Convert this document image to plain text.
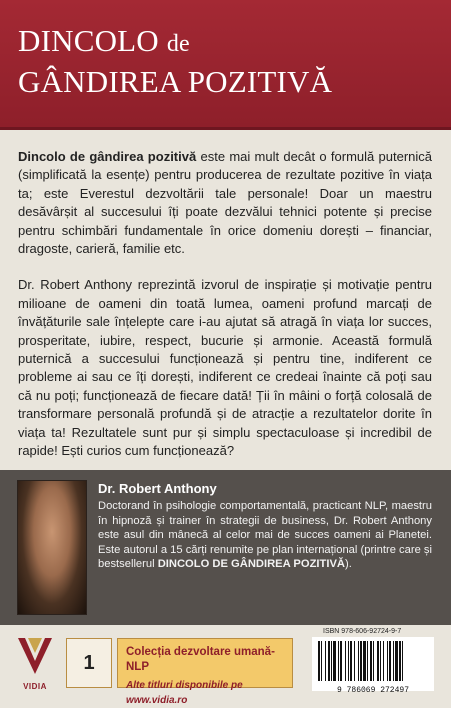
DINCOLO de
GÂNDIREA POZITIVĂ

Dincolo de gândirea pozitivă este mai mult decât o formulă puternică (simplificată la esențe) pentru producerea de rezultate pozitive în viața ta; este Everestul dezvoltării tale personale! Doar un maestru desăvârșit al succesului îți poate dezvălui tehnici potente și precise pentru schimbări fundamentale în orice domeniu dorești – financiar, dragoste, carieră, familie etc.

Dr. Robert Anthony reprezintă izvorul de inspirație și motivație pentru milioane de oameni din toată lumea, oameni profund marcați de învățăturile sale înțelepte care i-au ajutat să atragă în viața lor succes, prosperitate, iubire, respect, bucurie și armonie. Această formulă puternică a succesului funcționează și pentru tine, indiferent ce probleme ai sau ce îți dorești, indiferent ce credeai înainte că poți sau că nu poți; funcționează de fiecare dată! Ții în mâini o forță colosală de transformare personală profundă și de atracție a rezultatelor dorite în viața ta! Rezultatele sunt pur și simplu spectaculoase și incredibil de rapide! Ești curios cum funcționează?

Dr. Robert Anthony
Doctorand în psihologie comportamentală, practicant NLP, maestru în hipnoză și trainer în strategii de business, Dr. Robert Anthony este asul din mânecă al celor mai de succes oameni ai Planetei. Este autorul a 15 cărți renumite pe plan internațional (printre care și bestsellerul DINCOLO DE GÂNDIREA POZITIVĂ).
VIDIA
1	Colecția dezvoltare umană-NLP
Alte titluri disponibile pe www.vidia.ro
ISBN 978-606-92724-9-7
9 786069 272497
